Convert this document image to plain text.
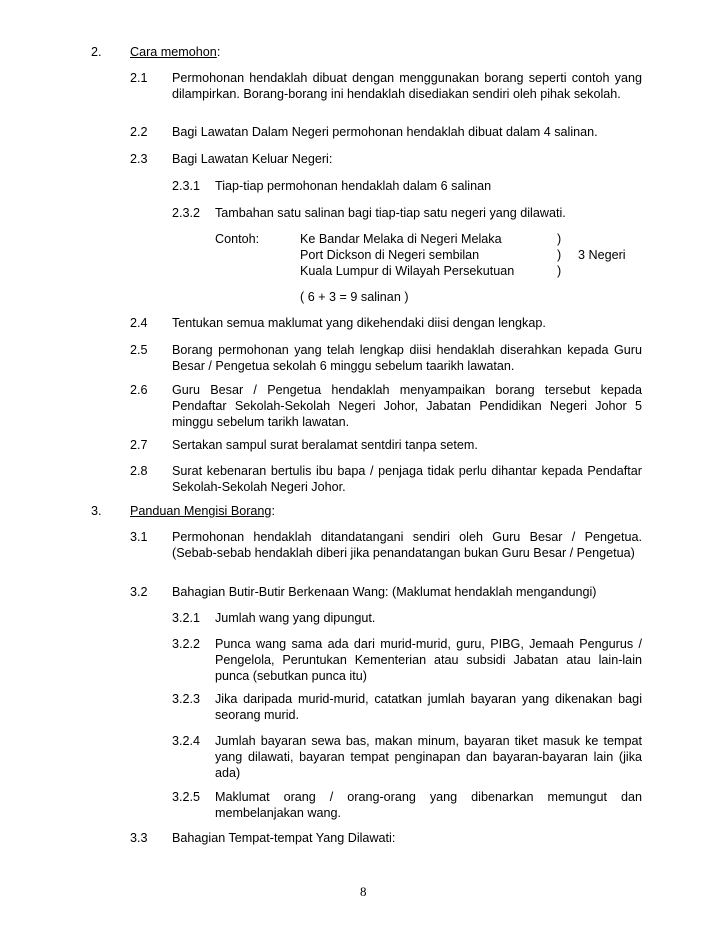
2. Cara memohon:
2.1 Permohonan hendaklah dibuat dengan menggunakan borang seperti contoh yang dilampirkan. Borang-borang ini hendaklah disediakan sendiri oleh pihak sekolah.
2.2 Bagi Lawatan Dalam Negeri permohonan hendaklah dibuat dalam 4 salinan.
2.3 Bagi Lawatan Keluar Negeri:
2.3.1 Tiap-tiap permohonan hendaklah dalam 6 salinan
2.3.2 Tambahan satu salinan bagi tiap-tiap satu negeri yang dilawati.
Contoh:	Ke Bandar Melaka di Negeri Melaka
Port Dickson di Negeri sembilan
Kuala Lumpur di Wilayah Persekutuan
)
)
)
3 Negeri
( 6 + 3 = 9 salinan )
2.4 Tentukan semua maklumat yang dikehendaki diisi dengan lengkap.
2.5 Borang permohonan yang telah lengkap diisi hendaklah diserahkan kepada Guru Besar / Pengetua sekolah 6 minggu sebelum taarikh lawatan.
2.6 Guru Besar / Pengetua hendaklah menyampaikan borang tersebut kepada Pendaftar Sekolah-Sekolah Negeri Johor, Jabatan Pendidikan Negeri Johor 5 minggu sebelum tarikh lawatan.
2.7 Sertakan sampul surat beralamat sentdiri tanpa setem.
2.8 Surat kebenaran bertulis ibu bapa / penjaga tidak perlu dihantar kepada Pendaftar Sekolah-Sekolah Negeri Johor.
3. Panduan Mengisi Borang:
3.1 Permohonan hendaklah ditandatangani sendiri oleh Guru Besar / Pengetua. (Sebab-sebab hendaklah diberi jika penandatangan bukan Guru Besar / Pengetua)
3.2 Bahagian Butir-Butir Berkenaan Wang: (Maklumat hendaklah mengandungi)
3.2.1 Jumlah wang yang dipungut.
3.2.2 Punca wang sama ada dari murid-murid, guru, PIBG, Jemaah Pengurus / Pengelola, Peruntukan Kementerian atau subsidi Jabatan atau lain-lain punca (sebutkan punca itu)
3.2.3 Jika daripada murid-murid, catatkan jumlah bayaran yang dikenakan bagi seorang murid.
3.2.4 Jumlah bayaran sewa bas, makan minum, bayaran tiket masuk ke tempat yang dilawati, bayaran tempat penginapan dan bayaran-bayaran lain (jika ada)
3.2.5 Maklumat orang / orang-orang yang dibenarkan memungut dan membelanjakan wang.
3.3 Bahagian Tempat-tempat Yang Dilawati:
8
